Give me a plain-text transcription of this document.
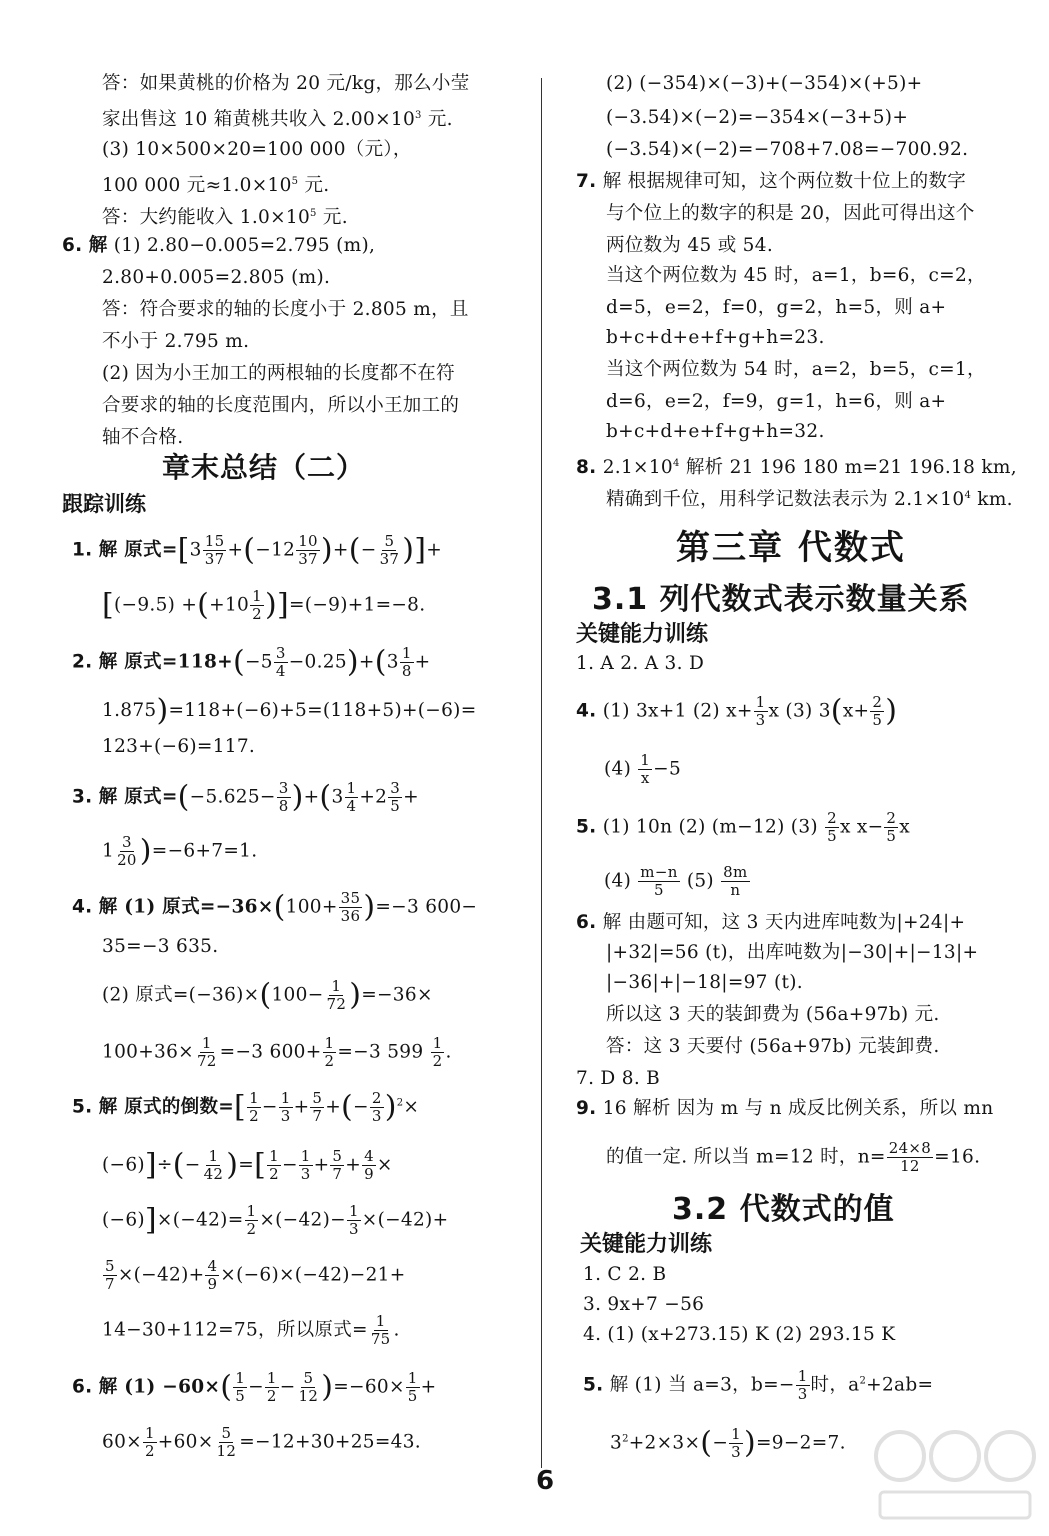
答：如果黄桃的价格为 20 元/kg，那么小莹
家出售这 10 箱黄桃共收入 $2.00\times 10^3$ 元.
(3) 10×500×20=100 000（元），
100 000 元$\approx 1.0\times 10^5$ 元.
答：大约能收入 $1.0\times 10^5$ 元.
6. 解 (1) 2.80−0.005=2.795 (m),
2.80+0.005=2.805 (m).
答：符合要求的轴的长度小于 2.805 m，且
不小于 2.795 m.
(2) 因为小王加工的两根轴的长度都不在符
合要求的轴的长度范围内，所以小王加工的
轴不合格.
章末总结（二）
跟踪训练
1. 解 原式$=[3 \frac{15}{37} +(-12 \frac{10}{37}$ )+(− $\frac{5}{37}$ )]+
$[(-9.5) +(+10 \frac{1}{2} )]=(-9)+1=-8$.
2. 解 原式$=118+(-5 \frac{3}{4} -0.25)+(3 \frac{1}{8}$ +
1.875)=118+(−6)+5=(118+5)+(−6)=
123+(−6)=117.
3. 解 原式$=(-5.625- \frac{3}{8} )+(3 \frac{1}{4} +2 \frac{3}{5}$ +
$1 \frac{3}{20} )=-6+7=1$.
4. 解 (1) 原式$=-36\times(100+ \frac{35}{36} )=-3$ 600−
35=−3 635.
(2) 原式$=(-36)\times(100- \frac{1}{72} )=-36\times$
$100+36\times \frac{1}{72} =-3$ $600+ \frac{1}{2} =-3$ $599 \frac{1}{2}$ .
5. 解 原式的倒数=[ $\frac{1}{2} - \frac{1}{3} + \frac{5}{7}$ +(− $\frac{2}{3} )^2\times$
$(-6)]\div(- \frac{1}{42}$ )=[ $\frac{1}{2} - \frac{1}{3} + \frac{5}{7} + \frac{4}{9}$ ×
$(-6)]\times(-42)= \frac{1}{2} \times(-42)- \frac{1}{3} \times(-42)+$
$\frac{5}{7} \times(-42)+ \frac{4}{9} \times(-6)\times(-42)-21+$
14−30+112=75，所以原式= $\frac{1}{75}$ .
6. 解 $(1) -60\times( \frac{1}{5} - \frac{1}{2} - \frac{5}{12} )=-60\times \frac{1}{5}$ +
$60\times \frac{1}{2} +60\times \frac{5}{12} =-12+30+25=43$.
(2) (−354)×(−3)+(−354)×(+5)+
(−3.54)×(−2)=−354×(−3+5)+
(−3.54)×(−2)=−708+7.08=−700.92.
7. 解 根据规律可知，这个两位数十位上的数字
与个位上的数字的积是 20，因此可得出这个
两位数为 45 或 54.
当这个两位数为 45 时，a=1，b=6，c=2，
d=5，e=2，f=0，g=2，h=5，则 a+
b+c+d+e+f+g+h=23.
当这个两位数为 54 时，a=2，b=5，c=1，
d=6，e=2，f=9，g=1，h=6，则 a+
b+c+d+e+f+g+h=32.
8. $2.1\times 10^4$ 解析 21 196 180 m=21 196.18 km,
精确到千位，用科学记数法表示为 $2.1\times 10^4$ km.
第三章 代数式
3.1 列代数式表示数量关系
关键能力训练
1. A 2. A 3. D
4. (1) 3x+1 (2) $x+ \frac{1}{3}$ x (3) $3(x+ \frac{2}{5}$ )
$(4) \frac{1}{x} -5$
5. (1) 10n (2) (m−12) $(3) \frac{2}{5}$ x $x- \frac{2}{5}$ x
$(4) \frac{m-n}{5} (5) \frac{8m}{n}$
6. 解 由题可知，这 3 天内进库吨数为|+24|+
|+32|=56 (t)，出库吨数为|−30|+|−13|+
|−36|+|−18|=97 (t).
所以这 3 天的装卸费为 (56a+97b) 元.
答：这 3 天要付 (56a+97b) 元装卸费.
7. D 8. B
9. 16 解析 因为 m 与 n 成反比例关系，所以 mn
的值一定. 所以当 m=12 时，$n= \frac{24\times 8}{12} =16$.
3.2 代数式的值
关键能力训练
1. C 2. B
3. 9x+7 −56
4. (1) (x+273.15) K (2) 293.15 K
5. 解 (1) 当 a=3，$b=- \frac{1}{3}$ 时，$a^2+2ab=$
$3^2+2\times 3\times(- \frac{1}{3} )=9-2=7$.
6
